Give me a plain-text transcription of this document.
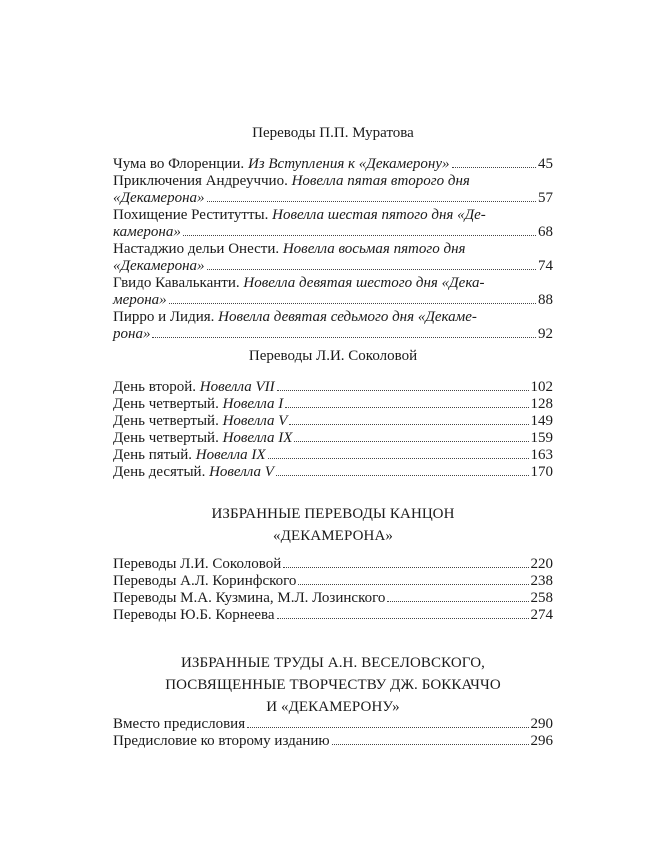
Переводы П.П. Муратова
Чума во Флоренции. Из Вступления к «Декамерону»	45
Приключения Андреуччио. Новелла пятая второго дня
«Декамерона»	57
Похищение Реститутты. Новелла шестая пятого дня «Де-
камерона»	68
Настаджио дельи Онести. Новелла восьмая пятого дня
«Декамерона»	74
Гвидо Кавальканти. Новелла девятая шестого дня «Дека-
мерона»	88
Пирро и Лидия. Новелла девятая седьмого дня «Декаме-
рона»	92
Переводы Л.И. Соколовой
День второй. Новелла VII	102
День четвертый. Новелла I	128
День четвертый. Новелла V	149
День четвертый. Новелла IX	159
День пятый. Новелла IX	163
День десятый. Новелла V	170
ИЗБРАННЫЕ ПЕРЕВОДЫ КАНЦОН
«ДЕКАМЕРОНА»
Переводы Л.И. Соколовой	220
Переводы А.Л. Коринфского	238
Переводы М.А. Кузмина, М.Л. Лозинского	258
Переводы Ю.Б. Корнеева	274
ИЗБРАННЫЕ ТРУДЫ А.Н. ВЕСЕЛОВСКОГО,
ПОСВЯЩЕННЫЕ ТВОРЧЕСТВУ ДЖ. БОККАЧЧО
И «ДЕКАМЕРОНУ»
Вместо предисловия	290
Предисловие ко второму изданию	296
